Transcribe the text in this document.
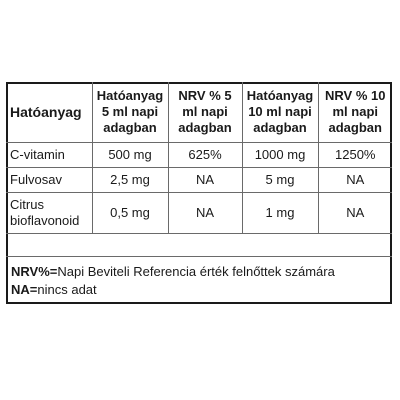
Hatóanyag	Hatóanyag 5 ml napi adagban	NRV % 5 ml napi adagban	Hatóanyag 10 ml napi adagban	NRV % 10 ml napi adagban
C-vitamin	500 mg	625%	1000 mg	1250%
Fulvosav	2,5 mg	NA	5 mg	NA
Citrus bioflavonoid	0,5 mg	NA	1 mg	NA
NRV%=Napi Beviteli Referencia érték felnőttek számára NA=nincs adat
